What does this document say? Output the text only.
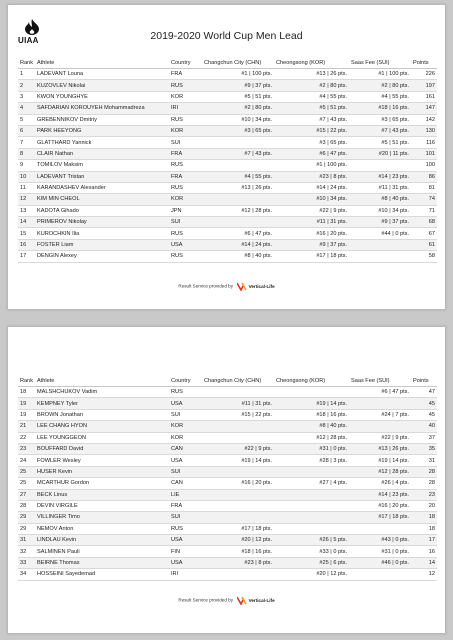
UIAA	2019-2020 World Cup Men Lead
Rank	Athlete	Country	Changchun City (CHN)	Cheongsong (KOR)	Saas Fee (SUI)	Points
1	LADEVANT Louna	FRA	#1 | 100 pts.	#13 | 26 pts.	#1 | 100 pts.	226
2	KUZOVLEV Nikolai	RUS	#9 | 37 pts.	#2 | 80 pts.	#2 | 80 pts.	197
3	KWON YOUNGHYE	KOR	#5 | 51 pts.	#4 | 55 pts.	#4 | 55 pts.	161
4	SAFDARIAN KOROUYEH Mohammadreza	IRI	#2 | 80 pts.	#5 | 51 pts.	#18 | 16 pts.	147
5	GREBENNIKOV Dmitriy	RUS	#10 | 34 pts.	#7 | 43 pts.	#3 | 65 pts.	142
6	PARK HEEYONG	KOR	#3 | 65 pts.	#15 | 22 pts.	#7 | 43 pts.	130
7	GLATTHARD Yannick	SUI		#3 | 65 pts.	#5 | 51 pts.	116
8	CLAIR Nathan	FRA	#7 | 43 pts.	#6 | 47 pts.	#20 | 11 pts.	101
9	TOMILOV Maksim	RUS		#1 | 100 pts.		100
10	LADEVANT Tristan	FRA	#4 | 55 pts.	#23 | 8 pts.	#14 | 23 pts.	86
11	KARANDASHEV Alexander	RUS	#13 | 26 pts.	#14 | 24 pts.	#11 | 31 pts.	81
12	KIM MIN CHEOL	KOR		#10 | 34 pts.	#8 | 40 pts.	74
13	KADOTA Gihado	JPN	#12 | 28 pts.	#22 | 9 pts.	#10 | 34 pts.	71
14	PRIMEROV Nikolay	SUI		#11 | 31 pts.	#9 | 37 pts.	68
15	KUROCHKIN Ilia	RUS	#6 | 47 pts.	#16 | 20 pts.	#44 | 0 pts.	67
16	FOSTER Liam	USA	#14 | 24 pts.	#9 | 37 pts.		61
17	DENGIN Alexey	RUS	#8 | 40 pts.	#17 | 18 pts.		58
Result Service provided by	Vertical-Life
Rank	Athlete	Country	Changchun City (CHN)	Cheongsong (KOR)	Saas Fee (SUI)	Points
18	MALSHCHUKOV Vadim	RUS			#6 | 47 pts.	47
19	KEMPNEY Tyler	USA	#11 | 31 pts.	#19 | 14 pts.		45
19	BROWN Jonathan	SUI	#15 | 22 pts.	#18 | 16 pts.	#24 | 7 pts.	45
21	LEE CHANG HYON	KOR		#8 | 40 pts.		40
22	LEE YOUNGGEON	KOR		#12 | 28 pts.	#22 | 9 pts.	37
23	BOUFFARD David	CAN	#22 | 9 pts.	#31 | 0 pts.	#13 | 26 pts.	35
24	FOWLER Wesley	USA	#19 | 14 pts.	#28 | 3 pts.	#19 | 14 pts.	31
25	HUSER Kevin	SUI			#12 | 28 pts.	28
25	MCARTHUR Gordon	CAN	#16 | 20 pts.	#27 | 4 pts.	#26 | 4 pts.	28
27	BECK Linus	LIE			#14 | 23 pts.	23
28	DEVIN VIRGILE	FRA			#16 | 20 pts.	20
29	VILLINGER Timo	SUI			#17 | 18 pts.	18
29	NEMOV Anton	RUS	#17 | 18 pts.			18
31	LINDLAU Kevin	USA	#20 | 12 pts.	#26 | 5 pts.	#43 | 0 pts.	17
32	SALMINEN Pauli	FIN	#18 | 16 pts.	#33 | 0 pts.	#31 | 0 pts.	16
33	BEIRNE Thomas	USA	#23 | 8 pts.	#25 | 6 pts.	#46 | 0 pts.	14
34	HOSSEINI Sayedemad	IRI		#20 | 12 pts.		12
Result Service provided by	Vertical-Life
